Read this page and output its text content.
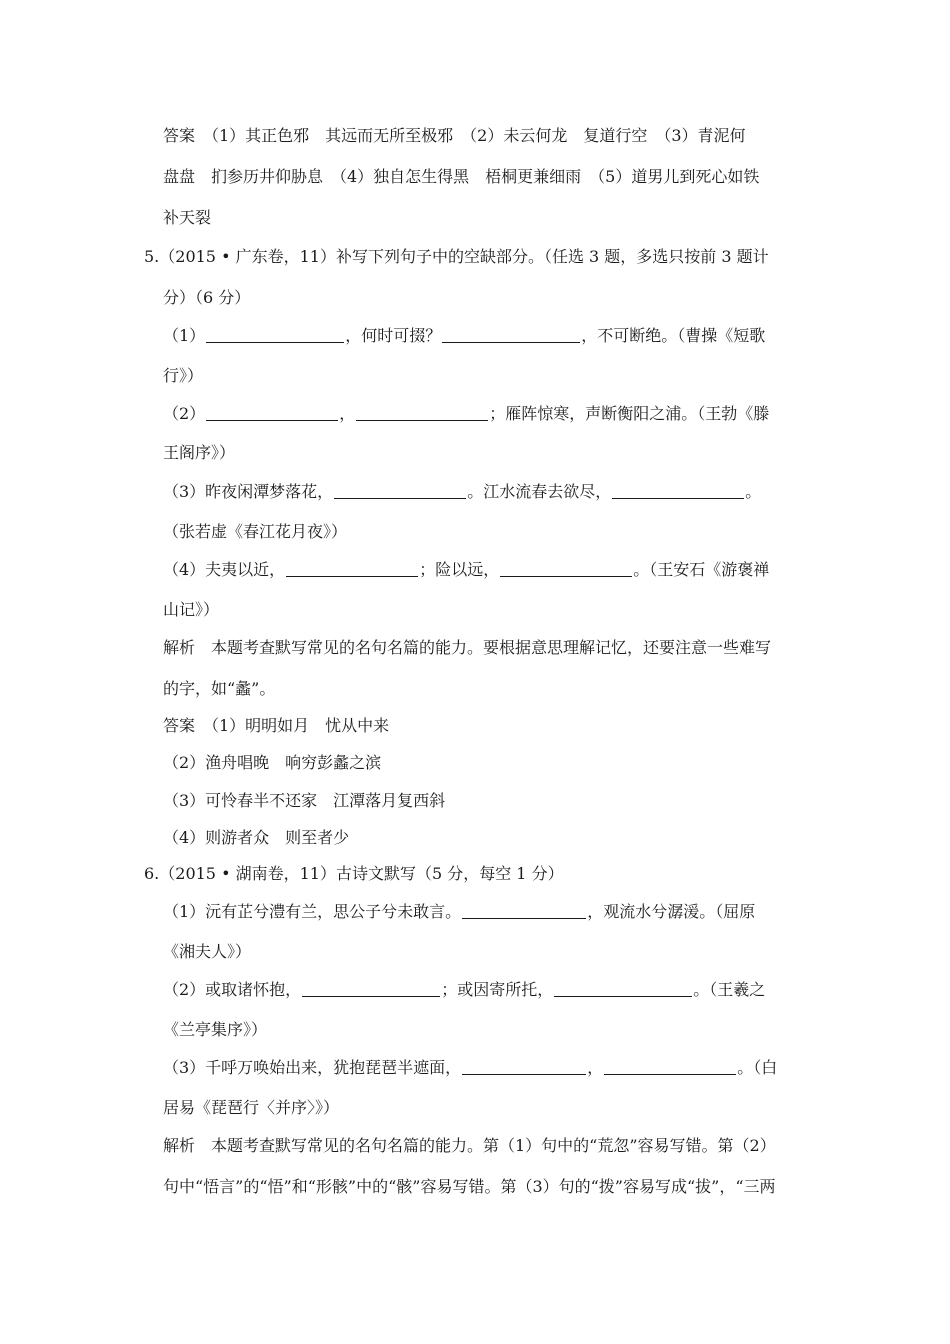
答案　（1）其正色邪　其远而无所至极邪　（2）未云何龙　复道行空　（3）青泥何
盘盘　扪参历井仰胁息　（4）独自怎生得黑　梧桐更兼细雨　（5）道男儿到死心如铁
补天裂
5.（2015 • 广东卷，11）补写下列句子中的空缺部分。（任选 3 题，多选只按前 3 题计
分）（6 分）
（1）	，何时可掇？	，不可断绝。（曹操《短歌
行》）
（2）	，	；雁阵惊寒，声断衡阳之浦。（王勃《滕
王阁序》）
（3）昨夜闲潭梦落花，	。江水流春去欲尽，	。
（张若虚《春江花月夜》）
（4）夫夷以近，	；险以远，	。（王安石《游褒禅
山记》）
解析　本题考查默写常见的名句名篇的能力。要根据意思理解记忆，还要注意一些难写
的字，如“蠡”。
答案　（1）明明如月　忧从中来
（2）渔舟唱晚　响穷彭蠡之滨
（3）可怜春半不还家　江潭落月复西斜
（4）则游者众　则至者少
6.（2015 • 湖南卷，11）古诗文默写（5 分，每空 1 分）
（1）沅有芷兮澧有兰，思公子兮未敢言。	，观流水兮潺湲。（屈原
《湘夫人》）
（2）或取诸怀抱，	；或因寄所托，	。（王羲之
《兰亭集序》）
（3）千呼万唤始出来，犹抱琵琶半遮面，	，	。（白
居易《琵琶行〈并序〉》）
解析　本题考查默写常见的名句名篇的能力。第（1）句中的“荒忽”容易写错。第（2）
句中“悟言”的“悟”和“形骸”中的“骸”容易写错。第（3）句的“拨”容易写成“拔”，“三两
